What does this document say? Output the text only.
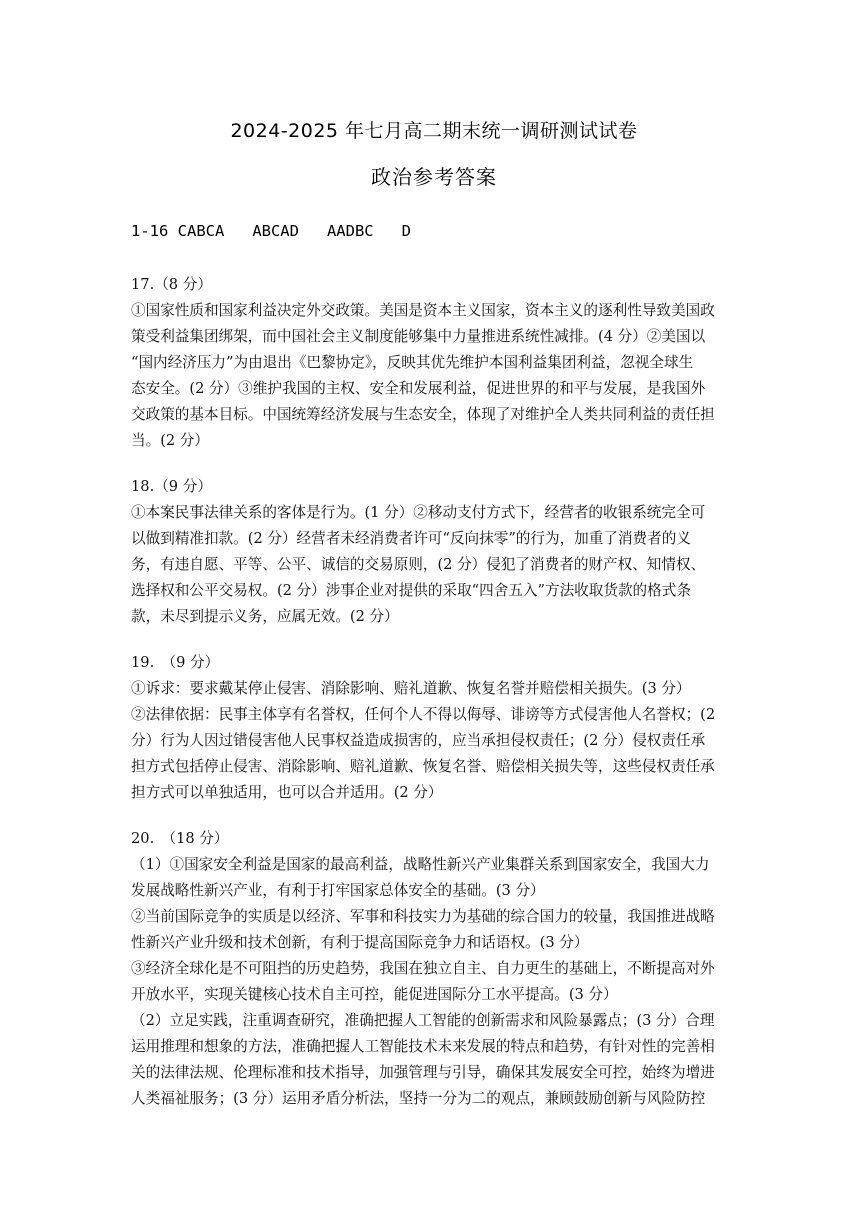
2024-2025 年七月高二期末统一调研测试试卷
政治参考答案
1-16 CABCA   ABCAD   AADBC   D
17.（8 分）
①国家性质和国家利益决定外交政策。美国是资本主义国家，资本主义的逐利性导致美国政
策受利益集团绑架，而中国社会主义制度能够集中力量推进系统性减排。(4 分）②美国以
“国内经济压力”为由退出《巴黎协定》，反映其优先维护本国利益集团利益，忽视全球生
态安全。(2 分）③维护我国的主权、安全和发展利益，促进世界的和平与发展，是我国外
交政策的基本目标。中国统筹经济发展与生态安全，体现了对维护全人类共同利益的责任担
当。(2 分）
18.（9 分）
①本案民事法律关系的客体是行为。(1 分）②移动支付方式下，经营者的收银系统完全可
以做到精准扣款。(2 分）经营者未经消费者许可“反向抹零”的行为，加重了消费者的义
务，有违自愿、平等、公平、诚信的交易原则，(2 分）侵犯了消费者的财产权、知情权、
选择权和公平交易权。(2 分）涉事企业对提供的采取“四舍五入”方法收取货款的格式条
款，未尽到提示义务，应属无效。(2 分）
19.　（9 分）
①诉求：要求戴某停止侵害、消除影响、赔礼道歉、恢复名誉并赔偿相关损失。(3 分）
②法律依据：民事主体享有名誉权，任何个人不得以侮辱、诽谤等方式侵害他人名誉权；(2
分）行为人因过错侵害他人民事权益造成损害的，应当承担侵权责任；(2 分）侵权责任承
担方式包括停止侵害、消除影响、赔礼道歉、恢复名誉、赔偿相关损失等，这些侵权责任承
担方式可以单独适用，也可以合并适用。(2 分）
20.　（18 分）
（1）①国家安全利益是国家的最高利益，战略性新兴产业集群关系到国家安全，我国大力
发展战略性新兴产业，有利于打牢国家总体安全的基础。(3 分）
②当前国际竞争的实质是以经济、军事和科技实力为基础的综合国力的较量，我国推进战略
性新兴产业升级和技术创新，有利于提高国际竞争力和话语权。(3 分）
③经济全球化是不可阻挡的历史趋势，我国在独立自主、自力更生的基础上，不断提高对外
开放水平，实现关键核心技术自主可控，能促进国际分工水平提高。(3 分）
（2）立足实践，注重调查研究，准确把握人工智能的创新需求和风险暴露点；(3 分）合理
运用推理和想象的方法，准确把握人工智能技术未来发展的特点和趋势，有针对性的完善相
关的法律法规、伦理标准和技术指导，加强管理与引导，确保其发展安全可控，始终为增进
人类福祉服务；(3 分）运用矛盾分析法，坚持一分为二的观点，兼顾鼓励创新与风险防控
